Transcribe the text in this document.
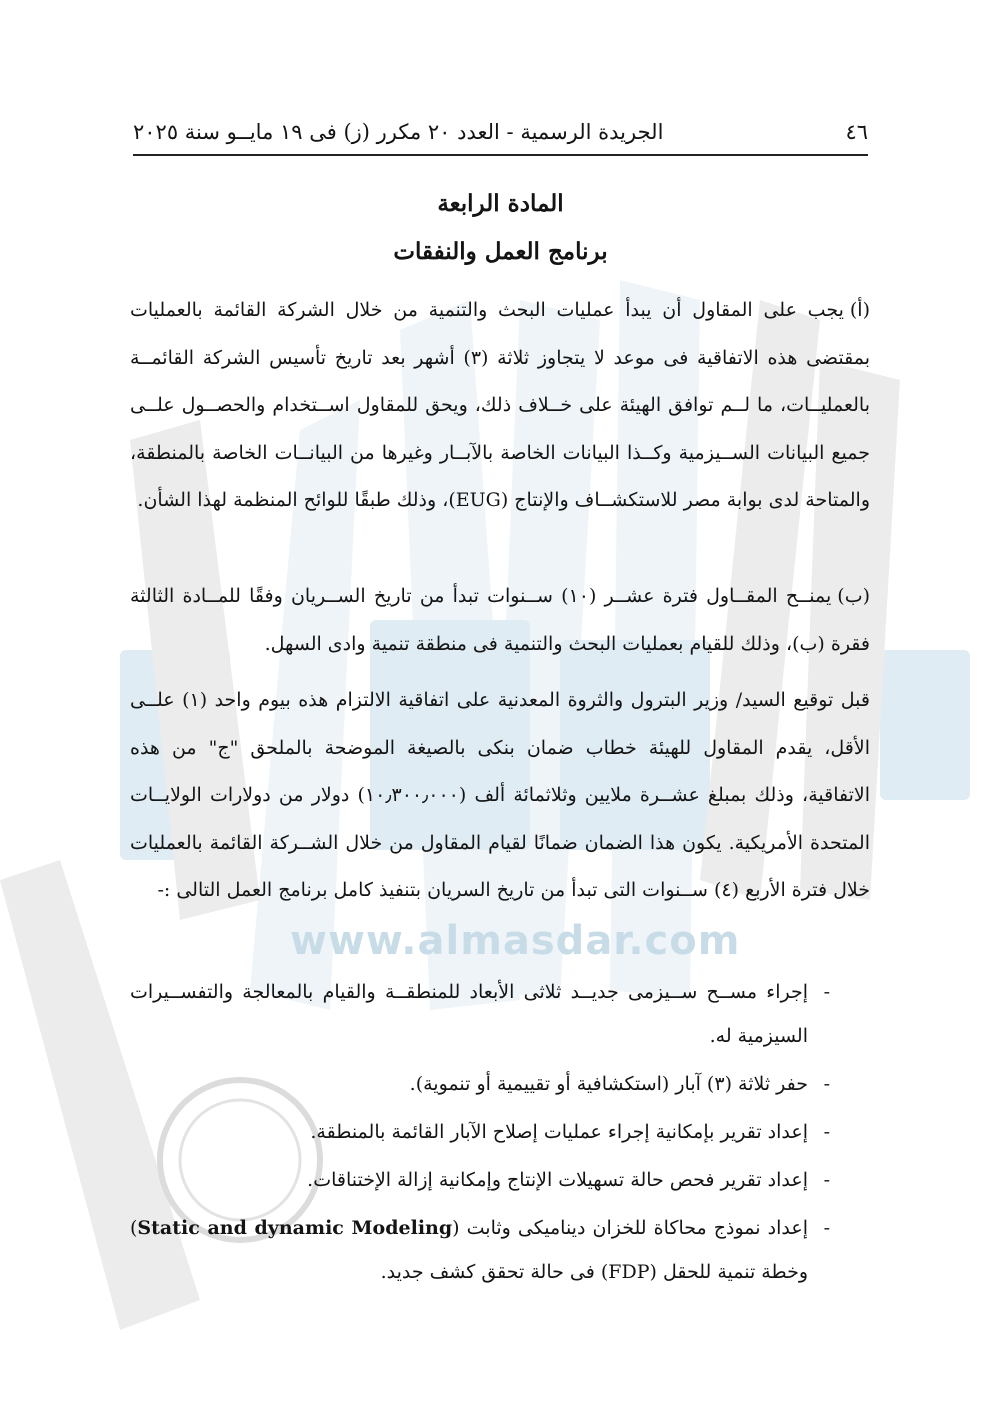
www.almasdar.com
٤٦
الجريدة الرسمية - العدد ٢٠ مكرر (ز) فى ١٩ مايــو سنة ٢٠٢٥
المادة الرابعة
برنامج العمل والنفقات
(أ)يجب على المقاول أن يبدأ عمليات البحث والتنمية من خلال الشركة القائمة بالعمليات بمقتضى هذه الاتفاقية فى موعد لا يتجاوز ثلاثة (٣) أشهر بعد تاريخ تأسيس الشركة القائمــة بالعمليــات، ما لــم توافق الهيئة على خــلاف ذلك، ويحق للمقاول اســتخدام والحصــول علــى جميع البيانات الســيزمية وكــذا البيانات الخاصة بالآبــار وغيرها من البيانــات الخاصة بالمنطقة، والمتاحة لدى بوابة مصر للاستكشــاف والإنتاج (EUG)، وذلك طبقًا للوائح المنظمة لهذا الشأن.
(ب)يمنــح المقــاول فترة عشــر (١٠) ســنوات تبدأ من تاريخ الســريان وفقًا للمــادة الثالثة فقرة (ب)، وذلك للقيام بعمليات البحث والتنمية فى منطقة تنمية وادى السهل.
قبل توقيع السيد/ وزير البترول والثروة المعدنية على اتفاقية الالتزام هذه بيوم واحد (١) علــى الأقل، يقدم المقاول للهيئة خطاب ضمان بنكى بالصيغة الموضحة بالملحق "ج" من هذه الاتفاقية، وذلك بمبلغ عشــرة ملايين وثلاثمائة ألف (١٠٫٣٠٠٫٠٠٠) دولار من دولارات الولايــات المتحدة الأمريكية. يكون هذا الضمان ضمانًا لقيام المقاول من خلال الشــركة القائمة بالعمليات خلال فترة الأربع (٤) ســنوات التى تبدأ من تاريخ السريان بتنفيذ كامل برنامج العمل التالى :-
-
إجراء مســح ســيزمى جديــد ثلاثى الأبعاد للمنطقــة والقيام بالمعالجة والتفســيرات السيزمية له.
-
حفر ثلاثة (٣) آبار (استكشافية أو تقييمية أو تنموية).
-
إعداد تقرير بإمكانية إجراء عمليات إصلاح الآبار القائمة بالمنطقة.
-
إعداد تقرير فحص حالة تسهيلات الإنتاج وإمكانية إزالة الإختناقات.
-
إعداد نموذج محاكاة للخزان ديناميكى وثابت (Static and dynamic Modeling) وخطة تنمية للحقل (FDP) فى حالة تحقق كشف جديد.
